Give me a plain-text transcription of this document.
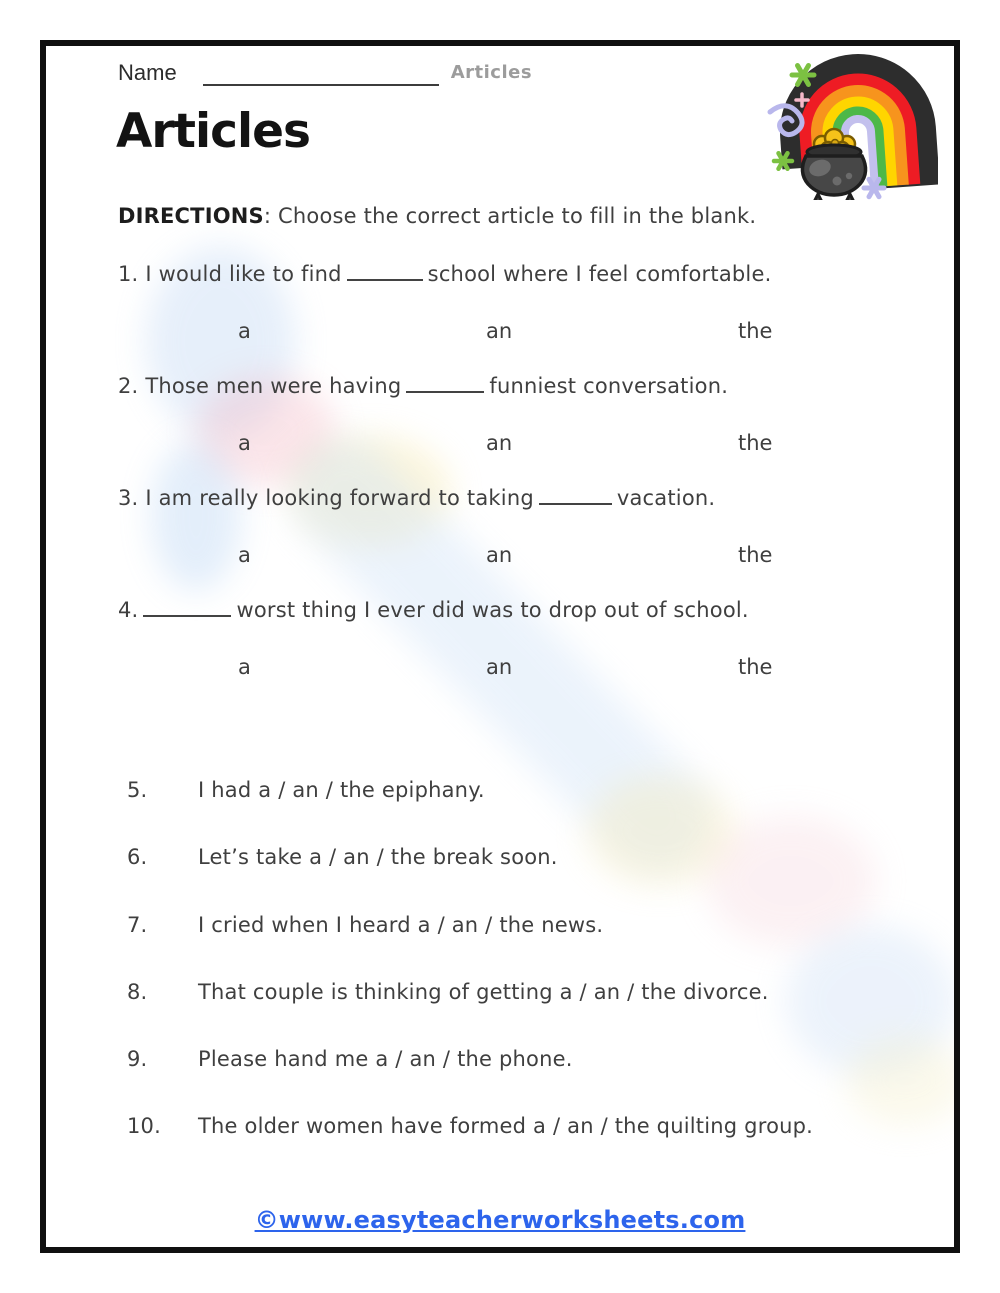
Name	Articles
Articles
DIRECTIONS: Choose the correct article to fill in the blank.
1. I would like to find	school where I feel comfortable.
a	an	the
2. Those men were having	funniest conversation.
a	an	the
3. I am really looking forward to taking	vacation.
a	an	the
4.	worst thing I ever did was to drop out of school.
a	an	the
5.	I had a / an / the epiphany.
6.	Let’s take a / an / the break soon.
7.	I cried when I heard a / an / the news.
8.	That couple is thinking of getting a / an / the divorce.
9.	Please hand me a / an / the phone.
10.	The older women have formed a / an / the quilting group.
©www.easyteacherworksheets.com
